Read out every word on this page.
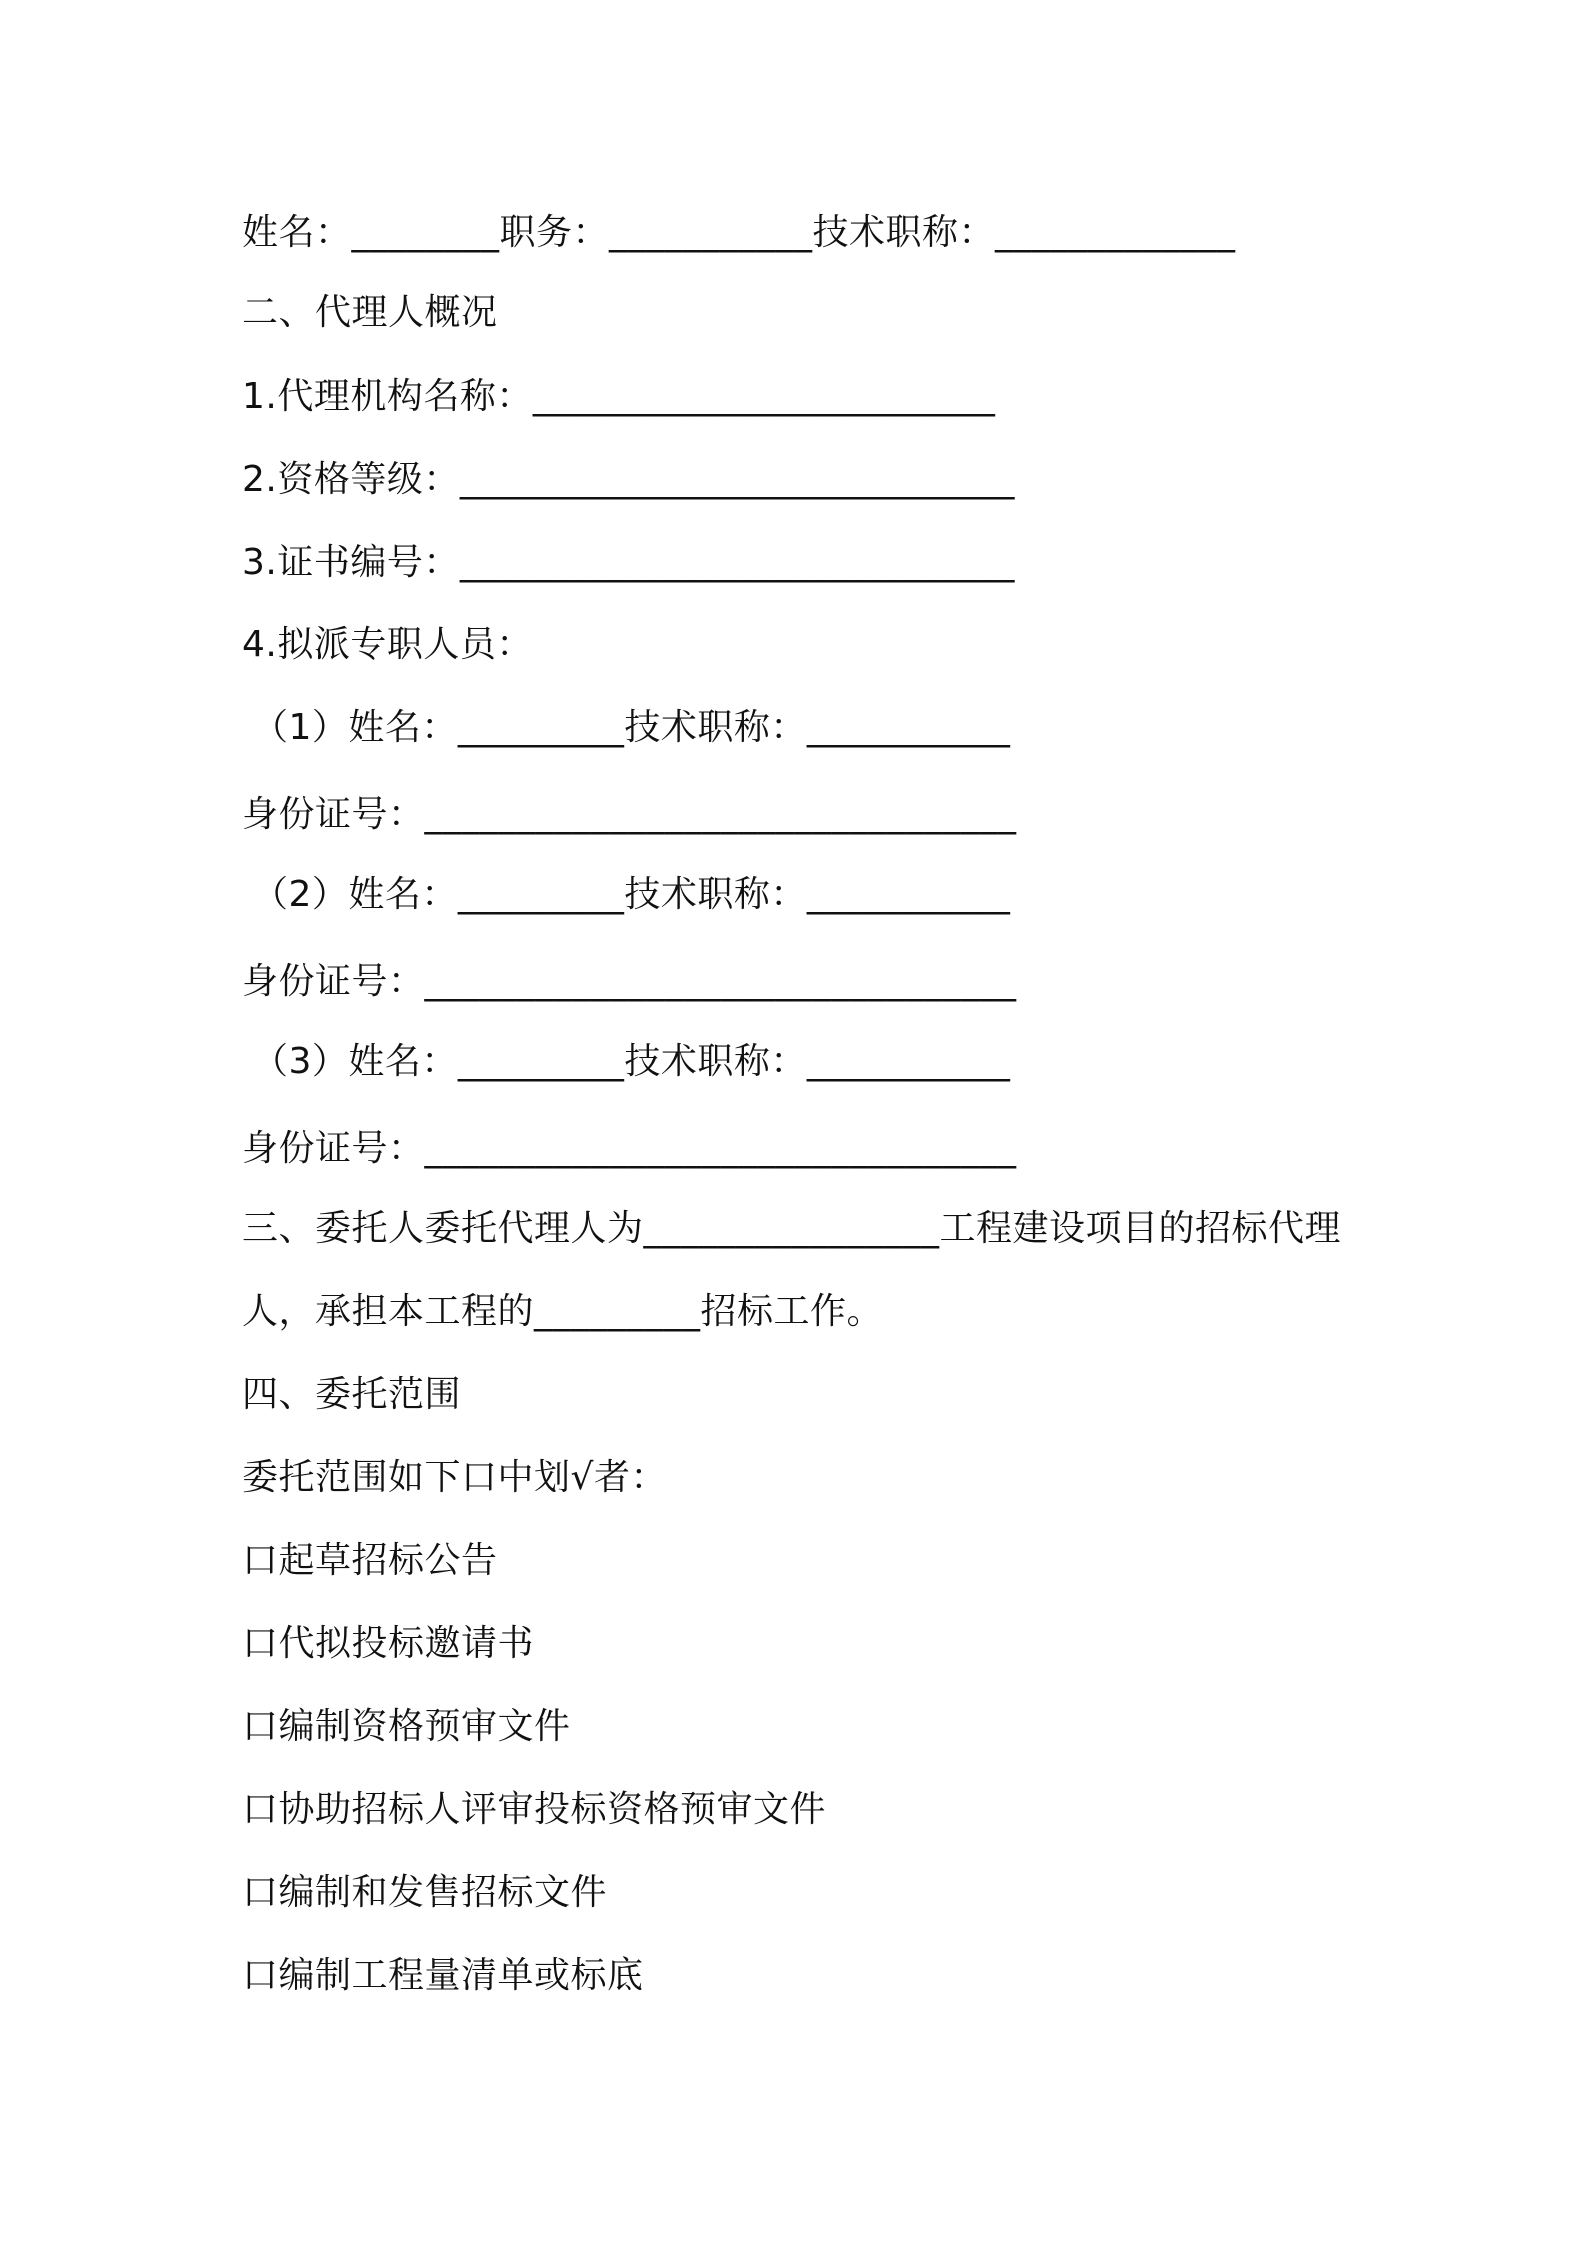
姓名：________职务：___________技术职称：_____________
二、代理人概况
1.代理机构名称：_________________________
2.资格等级：______________________________
3.证书编号：______________________________
4.拟派专职人员：
（1）姓名：_________技术职称：___________
身份证号：________________________________
（2）姓名：_________技术职称：___________
身份证号：________________________________
（3）姓名：_________技术职称：___________
身份证号：________________________________
三、委托人委托代理人为________________工程建设项目的招标代理
人，承担本工程的_________招标工作。
四、委托范围
委托范围如下口中划√者：
口起草招标公告
口代拟投标邀请书
口编制资格预审文件
口协助招标人评审投标资格预审文件
口编制和发售招标文件
口编制工程量清单或标底
